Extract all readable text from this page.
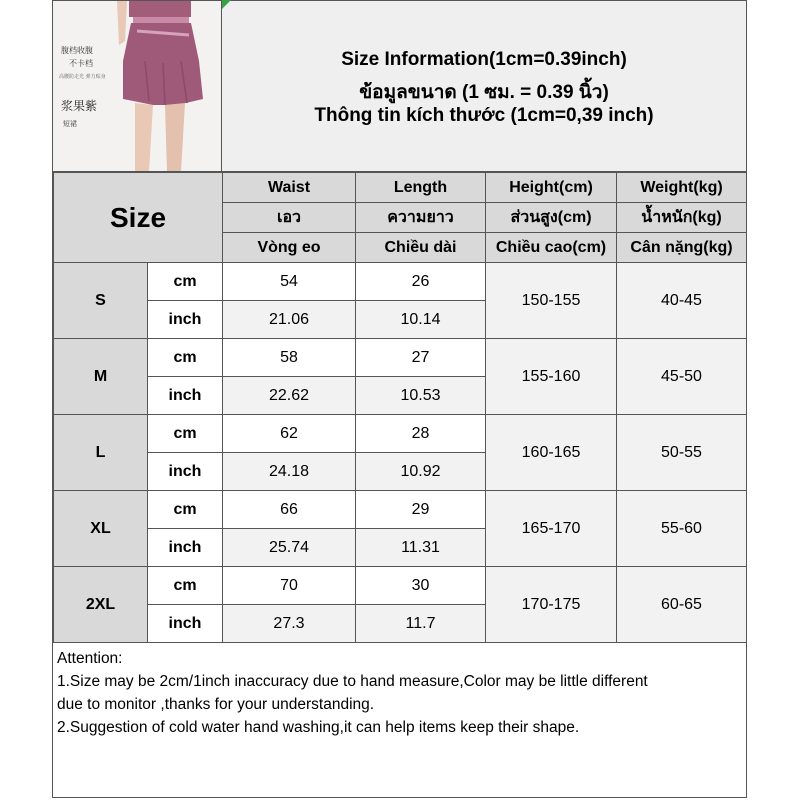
腹档收腹
不卡档
高腰防走光 弹力贴身
浆果紫
短裙
Size Information(1cm=0.39inch)
ข้อมูลขนาด (1 ซม. = 0.39 นิ้ว)
Thông tin kích thước (1cm=0,39 inch)
Size		Waist	Length	Height(cm)	Weight(kg)
		เอว	ความยาว	ส่วนสูง(cm)	น้ำหนัก(kg)
		Vòng eo	Chiều dài	Chiều cao(cm)	Cân nặng(kg)
S	cm	54	26	150-155	40-45
	inch	21.06	10.14		
M	cm	58	27	155-160	45-50
	inch	22.62	10.53		
L	cm	62	28	160-165	50-55
	inch	24.18	10.92		
XL	cm	66	29	165-170	55-60
	inch	25.74	11.31		
2XL	cm	70	30	170-175	60-65
	inch	27.3	11.7		
Attention:
1.Size may be 2cm/1inch inaccuracy due to hand measure,Color may be little different
due to monitor ,thanks for your understanding.
2.Suggestion of cold water hand washing,it can help items keep their shape.
